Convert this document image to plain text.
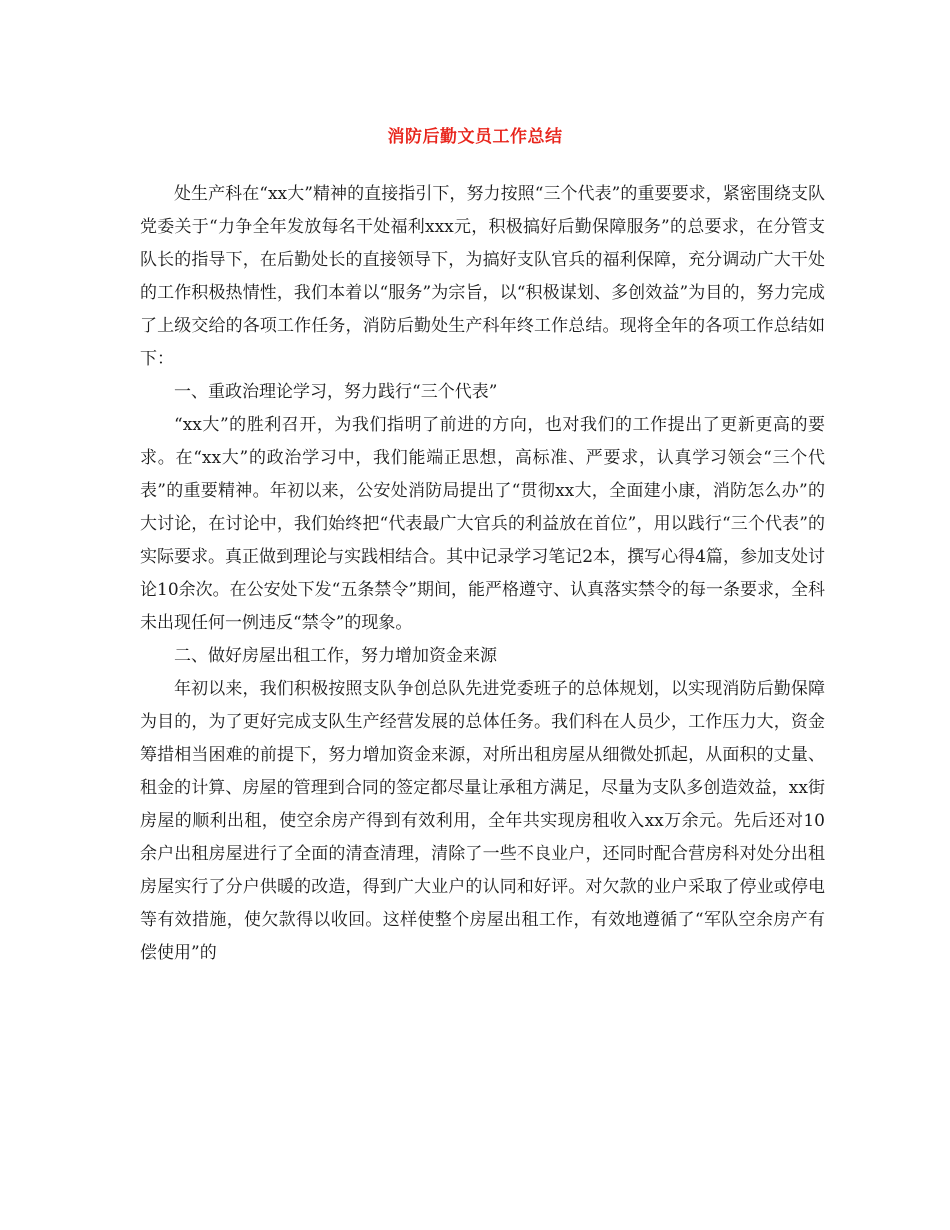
消防后勤文员工作总结

处生产科在“xx大”精神的直接指引下，努力按照“三个代表”的重要要求，紧密围绕支队党委关于“力争全年发放每名干处福利xxx元，积极搞好后勤保障服务”的总要求，在分管支队长的指导下，在后勤处长的直接领导下，为搞好支队官兵的福利保障，充分调动广大干处的工作积极热情性，我们本着以“服务”为宗旨，以“积极谋划、多创效益”为目的，努力完成了上级交给的各项工作任务，消防后勤处生产科年终工作总结。现将全年的各项工作总结如下：

一、重政治理论学习，努力践行“三个代表”

“xx大”的胜利召开，为我们指明了前进的方向，也对我们的工作提出了更新更高的要求。在“xx大”的政治学习中，我们能端正思想，高标准、严要求，认真学习领会“三个代表”的重要精神。年初以来，公安处消防局提出了“贯彻xx大，全面建小康，消防怎么办”的大讨论，在讨论中，我们始终把“代表最广大官兵的利益放在首位”，用以践行“三个代表”的实际要求。真正做到理论与实践相结合。其中记录学习笔记2本，撰写心得4篇，参加支处讨论10余次。在公安处下发“五条禁令”期间，能严格遵守、认真落实禁令的每一条要求，全科未出现任何一例违反“禁令”的现象。

二、做好房屋出租工作，努力增加资金来源

年初以来，我们积极按照支队争创总队先进党委班子的总体规划，以实现消防后勤保障为目的，为了更好完成支队生产经营发展的总体任务。我们科在人员少，工作压力大，资金筹措相当困难的前提下，努力增加资金来源，对所出租房屋从细微处抓起，从面积的丈量、租金的计算、房屋的管理到合同的签定都尽量让承租方满足，尽量为支队多创造效益，xx街房屋的顺利出租，使空余房产得到有效利用，全年共实现房租收入xx万余元。先后还对10余户出租房屋进行了全面的清查清理，清除了一些不良业户，还同时配合营房科对处分出租房屋实行了分户供暖的改造，得到广大业户的认同和好评。对欠款的业户采取了停业或停电等有效措施，使欠款得以收回。这样使整个房屋出租工作，有效地遵循了“军队空余房产有偿使用”的
